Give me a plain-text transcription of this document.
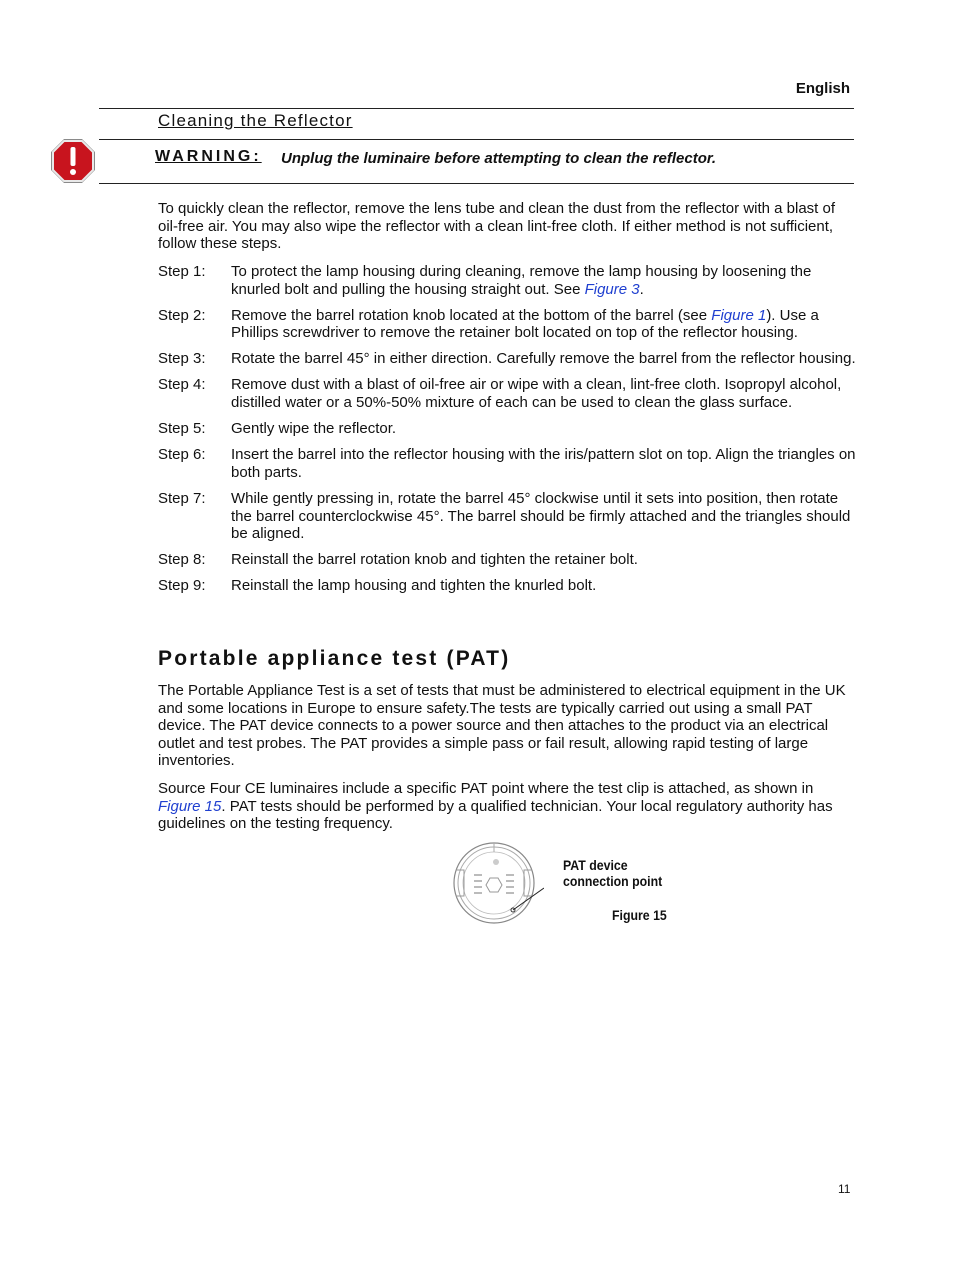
English
Cleaning the Reflector
WARNING: Unplug the luminaire before attempting to clean the reflector.
To quickly clean the reflector, remove the lens tube and clean the dust from the reflector with a blast of oil-free air. You may also wipe the reflector with a clean lint-free cloth. If either method is not sufficient, follow these steps.
Step 1:	To protect the lamp housing during cleaning, remove the lamp housing by loosening the knurled bolt and pulling the housing straight out. See Figure 3.
Step 2:	Remove the barrel rotation knob located at the bottom of the barrel (see Figure 1). Use a Phillips screwdriver to remove the retainer bolt located on top of the reflector housing.
Step 3:	Rotate the barrel 45° in either direction. Carefully remove the barrel from the reflector housing.
Step 4:	Remove dust with a blast of oil-free air or wipe with a clean, lint-free cloth. Isopropyl alcohol, distilled water or a 50%-50% mixture of each can be used to clean the glass surface.
Step 5:	Gently wipe the reflector.
Step 6:	Insert the barrel into the reflector housing with the iris/pattern slot on top. Align the triangles on both parts.
Step 7:	While gently pressing in, rotate the barrel 45° clockwise until it sets into position, then rotate the barrel counterclockwise 45°. The barrel should be firmly attached and the triangles should be aligned.
Step 8:	Reinstall the barrel rotation knob and tighten the retainer bolt.
Step 9:	Reinstall the lamp housing and tighten the knurled bolt.
Portable appliance test (PAT)
The Portable Appliance Test is a set of tests that must be administered to electrical equipment in the UK and some locations in Europe to ensure safety.The tests are typically carried out using a small PAT device. The PAT device connects to a power source and then attaches to the product via an electrical outlet and test probes. The PAT provides a simple pass or fail result, allowing rapid testing of large inventories.
Source Four CE luminaires include a specific PAT point where the test clip is attached, as shown in Figure 15. PAT tests should be performed by a qualified technician. Your local regulatory authority has guidelines on the testing frequency.
PAT device
connection point
Figure 15
11
